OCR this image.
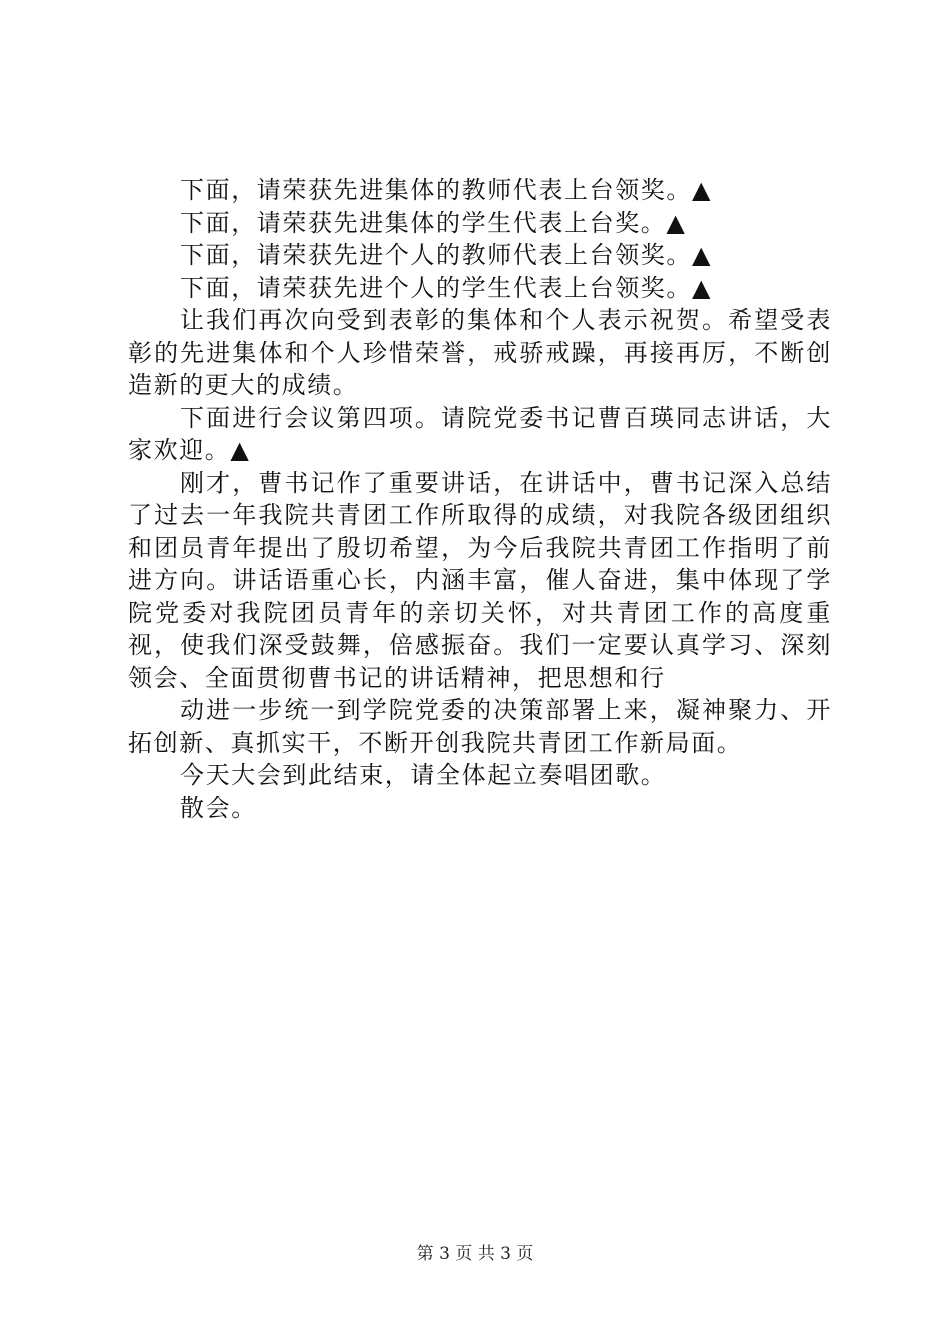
下面，请荣获先进集体的教师代表上台领奖。▲

下面，请荣获先进集体的学生代表上台奖。▲

下面，请荣获先进个人的教师代表上台领奖。▲

下面，请荣获先进个人的学生代表上台领奖。▲

让我们再次向受到表彰的集体和个人表示祝贺。希望受表彰的先进集体和个人珍惜荣誉，戒骄戒躁，再接再厉，不断创造新的更大的成绩。

下面进行会议第四项。请院党委书记曹百瑛同志讲话，大家欢迎。▲

刚才，曹书记作了重要讲话，在讲话中，曹书记深入总结了过去一年我院共青团工作所取得的成绩，对我院各级团组织和团员青年提出了殷切希望，为今后我院共青团工作指明了前进方向。讲话语重心长，内涵丰富，催人奋进，集中体现了学院党委对我院团员青年的亲切关怀，对共青团工作的高度重视，使我们深受鼓舞，倍感振奋。我们一定要认真学习、深刻领会、全面贯彻曹书记的讲话精神，把思想和行

动进一步统一到学院党委的决策部署上来，凝神聚力、开拓创新、真抓实干，不断开创我院共青团工作新局面。

今天大会到此结束，请全体起立奏唱团歌。

散会。

第 3 页 共 3 页
